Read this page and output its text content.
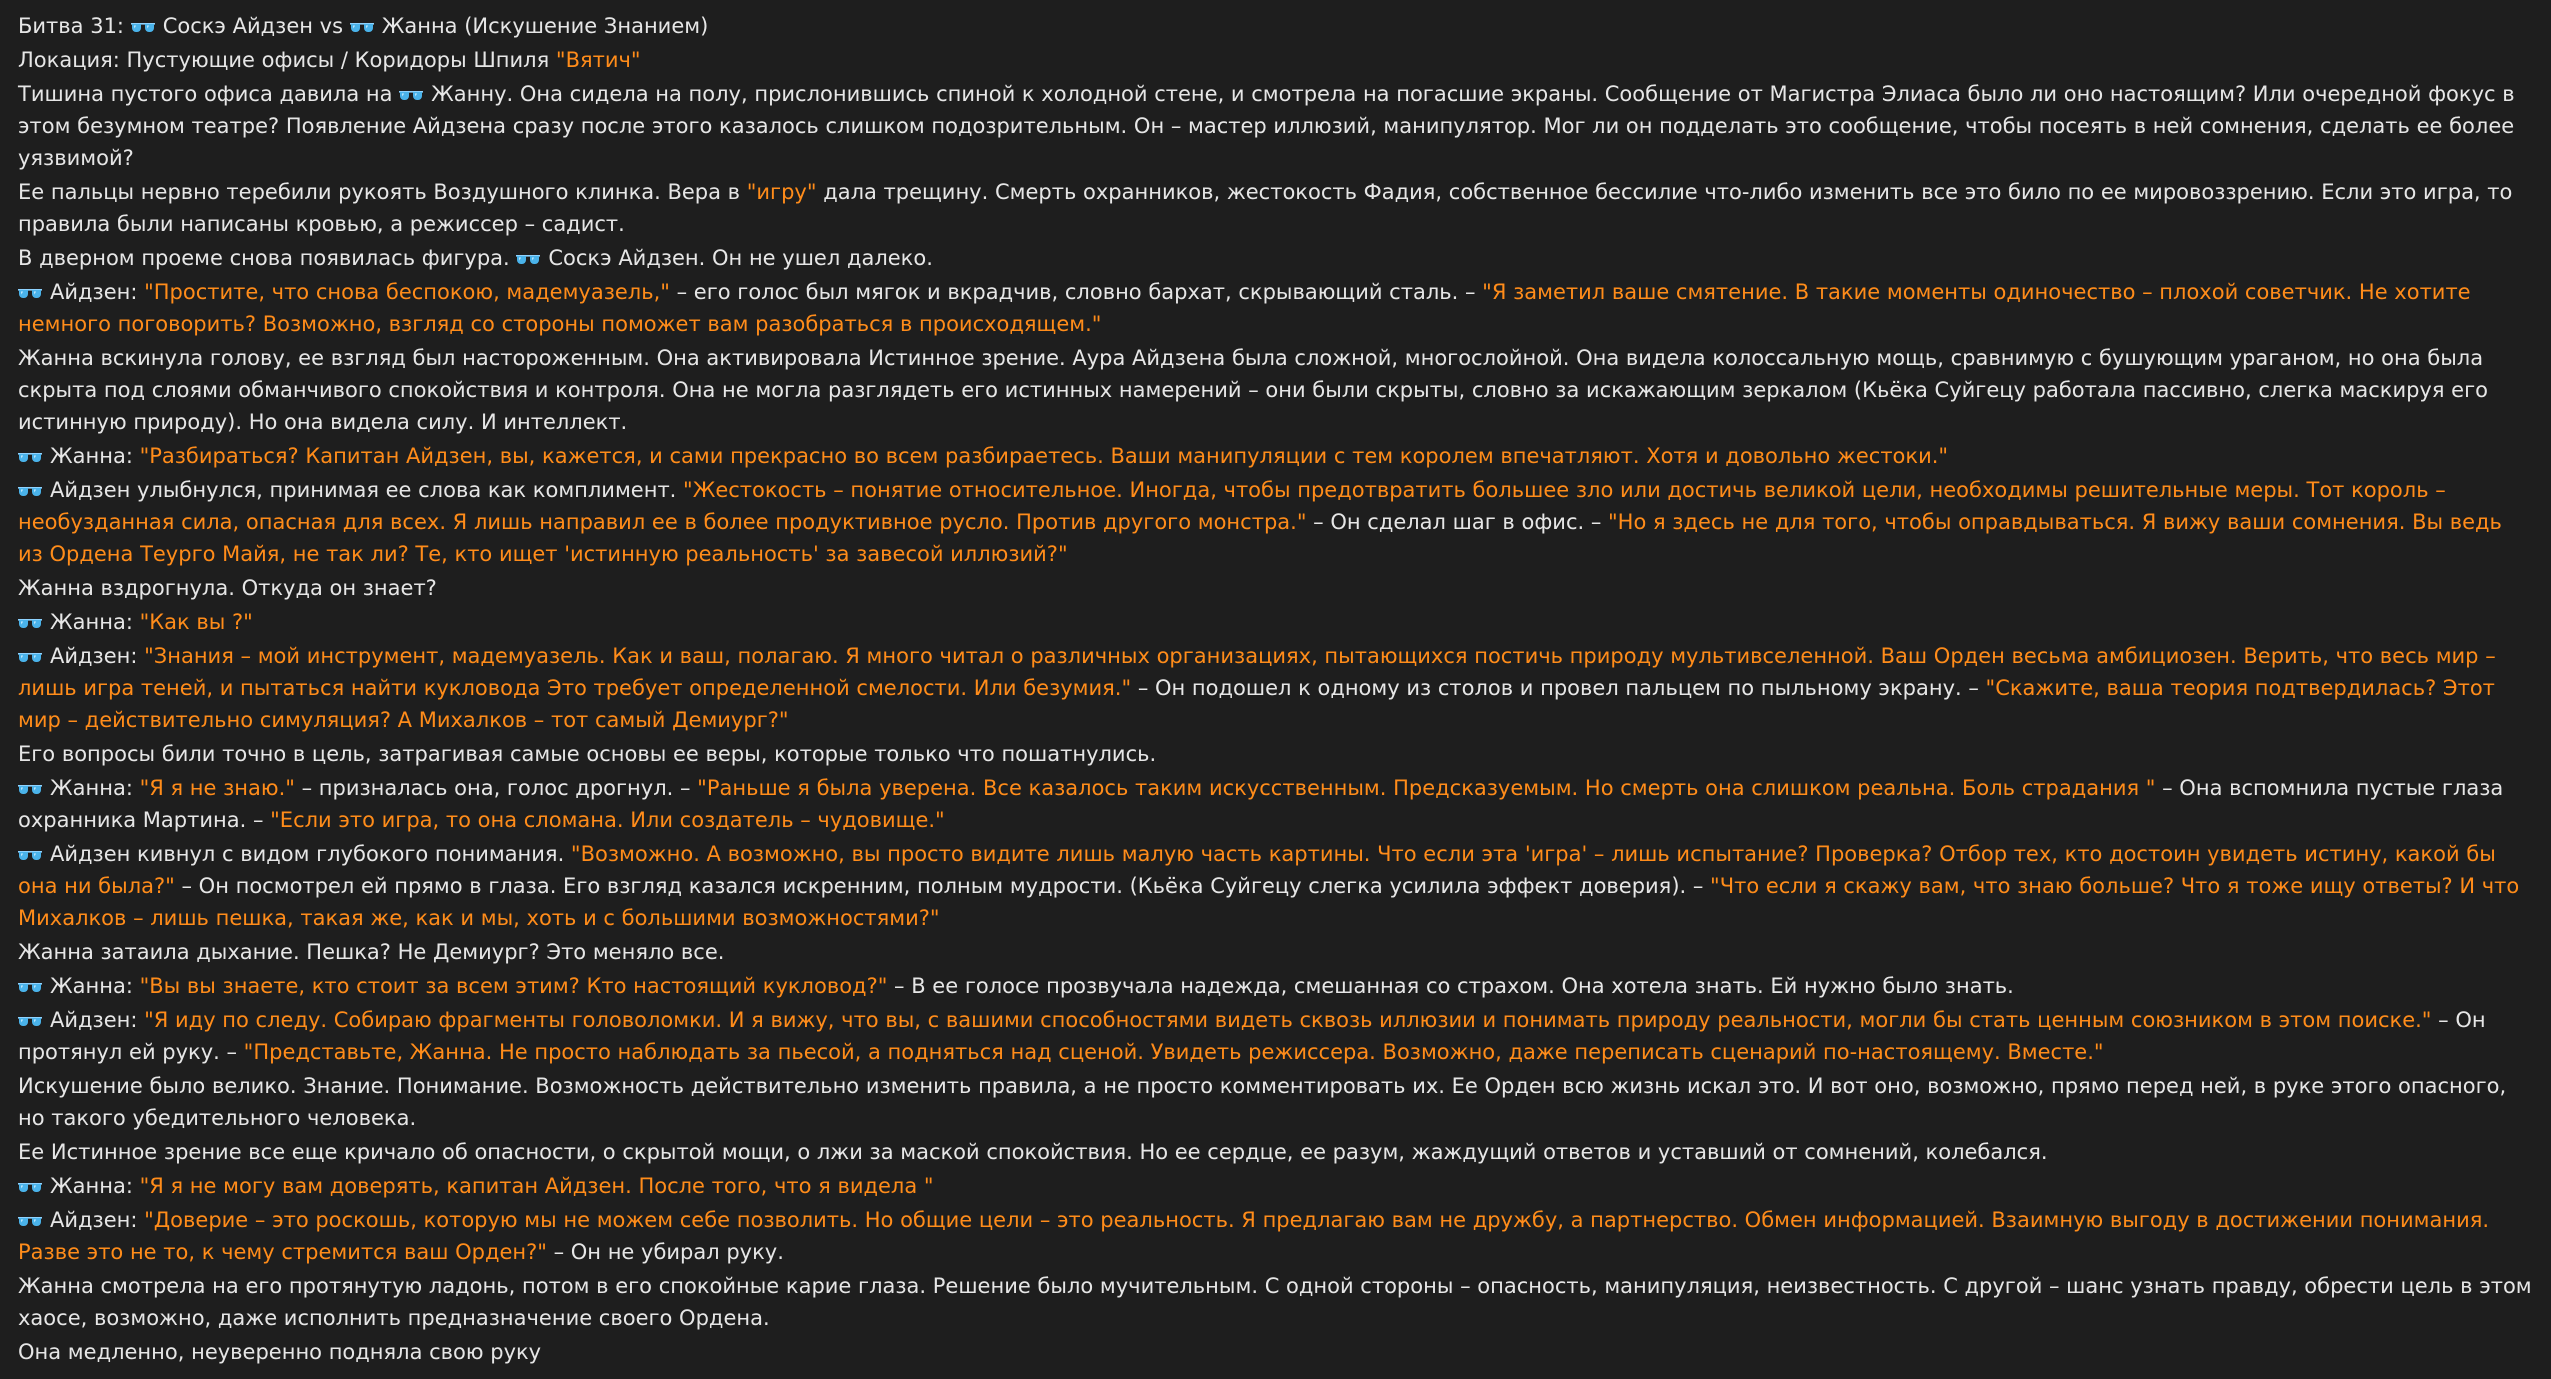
Битва 31:
Соскэ Айдзен vs
Жанна (Искушение Знанием)
Локация: Пустующие офисы / Коридоры Шпиля "Вятич"
Тишина пустого офиса давила на
Жанну. Она сидела на полу, прислонившись спиной к холодной стене, и смотрела на погасшие экраны. Сообщение от Магистра Элиаса было ли оно настоящим? Или очередной фокус в этом безумном театре? Появление Айдзена сразу после этого казалось слишком подозрительным. Он – мастер иллюзий, манипулятор. Мог ли он подделать это сообщение, чтобы посеять в ней сомнения, сделать ее более уязвимой?
Ее пальцы нервно теребили рукоять Воздушного клинка. Вера в "игру" дала трещину. Смерть охранников, жестокость Фадия, собственное бессилие что-либо изменить все это било по ее мировоззрению. Если это игра, то правила были написаны кровью, а режиссер – садист.
В дверном проеме снова появилась фигура.
Соскэ Айдзен. Он не ушел далеко.
Айдзен: "Простите, что снова беспокою, мадемуазель," – его голос был мягок и вкрадчив, словно бархат, скрывающий сталь. – "Я заметил ваше смятение. В такие моменты одиночество – плохой советчик. Не хотите немного поговорить? Возможно, взгляд со стороны поможет вам разобраться в происходящем."
Жанна вскинула голову, ее взгляд был настороженным. Она активировала Истинное зрение. Аура Айдзена была сложной, многослойной. Она видела колоссальную мощь, сравнимую с бушующим ураганом, но она была скрыта под слоями обманчивого спокойствия и контроля. Она не могла разглядеть его истинных намерений – они были скрыты, словно за искажающим зеркалом (Кьёка Суйгецу работала пассивно, слегка маскируя его истинную природу). Но она видела силу. И интеллект.
Жанна: "Разбираться? Капитан Айдзен, вы, кажется, и сами прекрасно во всем разбираетесь. Ваши манипуляции с тем королем впечатляют. Хотя и довольно жестоки."
Айдзен улыбнулся, принимая ее слова как комплимент. "Жестокость – понятие относительное. Иногда, чтобы предотвратить большее зло или достичь великой цели, необходимы решительные меры. Тот король – необузданная сила, опасная для всех. Я лишь направил ее в более продуктивное русло. Против другого монстра." – Он сделал шаг в офис. – "Но я здесь не для того, чтобы оправдываться. Я вижу ваши сомнения. Вы ведь из Ордена Теурго Майя, не так ли? Те, кто ищет 'истинную реальность' за завесой иллюзий?"
Жанна вздрогнула. Откуда он знает?
Жанна: "Как вы ?"
Айдзен: "Знания – мой инструмент, мадемуазель. Как и ваш, полагаю. Я много читал о различных организациях, пытающихся постичь природу мультивселенной. Ваш Орден весьма амбициозен. Верить, что весь мир – лишь игра теней, и пытаться найти кукловода Это требует определенной смелости. Или безумия." – Он подошел к одному из столов и провел пальцем по пыльному экрану. – "Скажите, ваша теория подтвердилась? Этот мир – действительно симуляция? А Михалков – тот самый Демиург?"
Его вопросы били точно в цель, затрагивая самые основы ее веры, которые только что пошатнулись.
Жанна: "Я я не знаю." – призналась она, голос дрогнул. – "Раньше я была уверена. Все казалось таким искусственным. Предсказуемым. Но смерть она слишком реальна. Боль страдания " – Она вспомнила пустые глаза охранника Мартина. – "Если это игра, то она сломана. Или создатель – чудовище."
Айдзен кивнул с видом глубокого понимания. "Возможно. А возможно, вы просто видите лишь малую часть картины. Что если эта 'игра' – лишь испытание? Проверка? Отбор тех, кто достоин увидеть истину, какой бы она ни была?" – Он посмотрел ей прямо в глаза. Его взгляд казался искренним, полным мудрости. (Кьёка Суйгецу слегка усилила эффект доверия). – "Что если я скажу вам, что знаю больше? Что я тоже ищу ответы? И что Михалков – лишь пешка, такая же, как и мы, хоть и с большими возможностями?"
Жанна затаила дыхание. Пешка? Не Демиург? Это меняло все.
Жанна: "Вы вы знаете, кто стоит за всем этим? Кто настоящий кукловод?" – В ее голосе прозвучала надежда, смешанная со страхом. Она хотела знать. Ей нужно было знать.
Айдзен: "Я иду по следу. Собираю фрагменты головоломки. И я вижу, что вы, с вашими способностями видеть сквозь иллюзии и понимать природу реальности, могли бы стать ценным союзником в этом поиске." – Он протянул ей руку. – "Представьте, Жанна. Не просто наблюдать за пьесой, а подняться над сценой. Увидеть режиссера. Возможно, даже переписать сценарий по-настоящему. Вместе."
Искушение было велико. Знание. Понимание. Возможность действительно изменить правила, а не просто комментировать их. Ее Орден всю жизнь искал это. И вот оно, возможно, прямо перед ней, в руке этого опасного, но такого убедительного человека.
Ее Истинное зрение все еще кричало об опасности, о скрытой мощи, о лжи за маской спокойствия. Но ее сердце, ее разум, жаждущий ответов и уставший от сомнений, колебался.
Жанна: "Я я не могу вам доверять, капитан Айдзен. После того, что я видела "
Айдзен: "Доверие – это роскошь, которую мы не можем себе позволить. Но общие цели – это реальность. Я предлагаю вам не дружбу, а партнерство. Обмен информацией. Взаимную выгоду в достижении понимания. Разве это не то, к чему стремится ваш Орден?" – Он не убирал руку.
Жанна смотрела на его протянутую ладонь, потом в его спокойные карие глаза. Решение было мучительным. С одной стороны – опасность, манипуляция, неизвестность. С другой – шанс узнать правду, обрести цель в этом хаосе, возможно, даже исполнить предназначение своего Ордена.
Она медленно, неуверенно подняла свою руку
